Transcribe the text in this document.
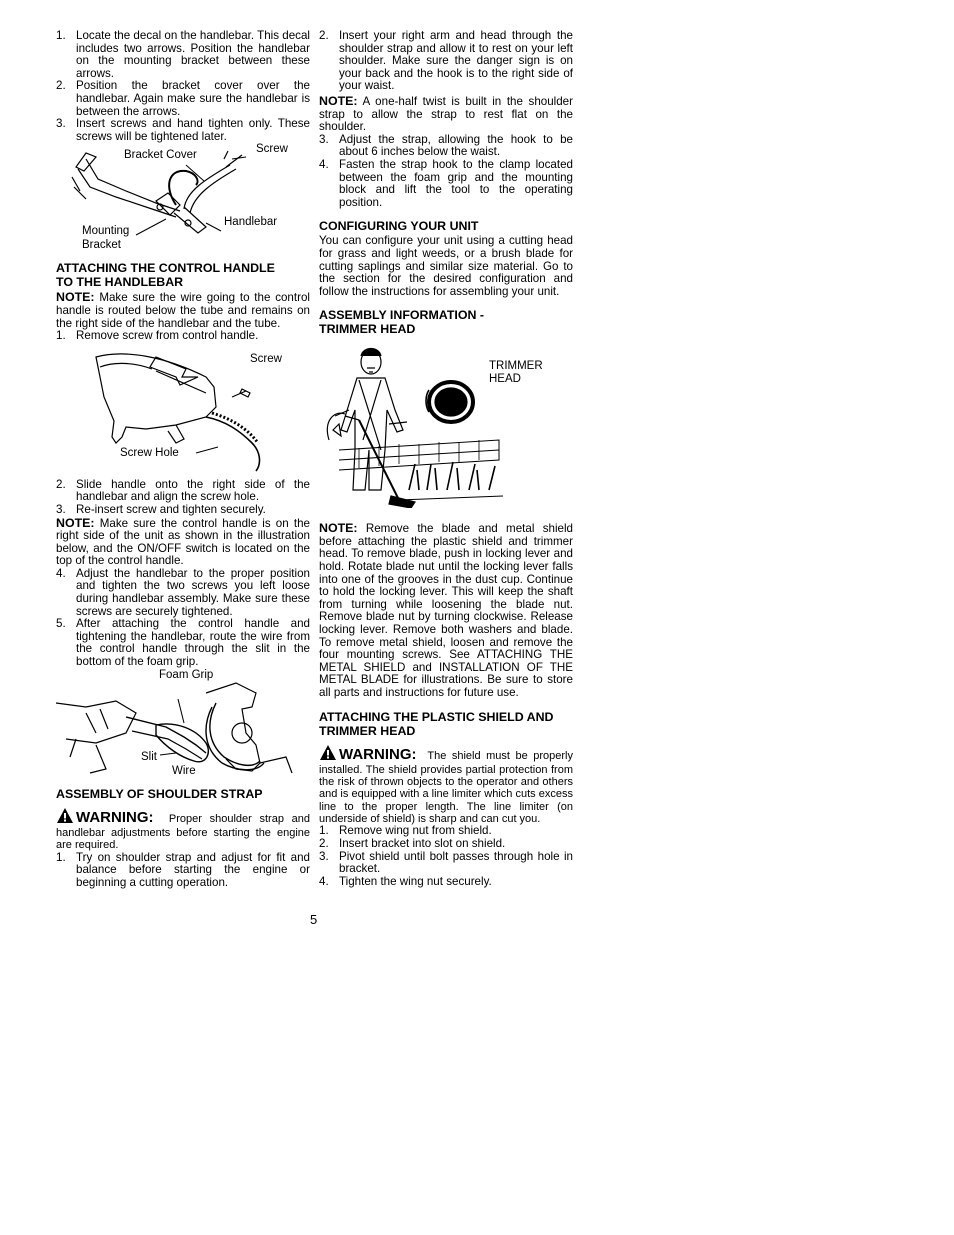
1. Locate the decal on the handlebar. This decal includes two arrows. Position the handlebar on the mounting bracket between these arrows.
2. Position the bracket cover over the handlebar. Again make sure the handlebar is between the arrows.
3. Insert screws and hand tighten only. These screws will be tightened later.
Bracket Cover	Screw
Handlebar
Mounting
Bracket
ATTACHING THE CONTROL HANDLE TO THE HANDLEBAR

NOTE: Make sure the wire going to the control handle is routed below the tube and remains on the right side of the handlebar and the tube.

1. Remove screw from control handle.
Screw
Screw Hole
2. Slide handle onto the right side of the handlebar and align the screw hole.
3. Re-insert screw and tighten securely.

NOTE: Make sure the control handle is on the right side of the unit as shown in the illustration below, and the ON/OFF switch is located on the top of the control handle.

4. Adjust the handlebar to the proper position and tighten the two screws you left loose during handlebar assembly. Make sure these screws are securely tightened.
5. After attaching the control handle and tightening the handlebar, route the wire from the control handle through the slit in the bottom of the foam grip.
Foam Grip
Slit
Wire
ASSEMBLY OF SHOULDER STRAP

WARNING: Proper shoulder strap and handlebar adjustments before starting the engine are required.

1. Try on shoulder strap and adjust for fit and balance before starting the engine or beginning a cutting operation.
2. Insert your right arm and head through the shoulder strap and allow it to rest on your left shoulder. Make sure the danger sign is on your back and the hook is to the right side of your waist.

NOTE: A one-half twist is built in the shoulder strap to allow the strap to rest flat on the shoulder.

3. Adjust the strap, allowing the hook to be about 6 inches below the waist.
4. Fasten the strap hook to the clamp located between the foam grip and the mounting block and lift the tool to the operating position.
CONFIGURING YOUR UNIT

You can configure your unit using a cutting head for grass and light weeds, or a brush blade for cutting saplings and similar size material. Go to the section for the desired configuration and follow the instructions for assembling your unit.

ASSEMBLY INFORMATION - TRIMMER HEAD
TRIMMER
HEAD

NOTE: Remove the blade and metal shield before attaching the plastic shield and trimmer head. To remove blade, push in locking lever and hold. Rotate blade nut until the locking lever falls into one of the grooves in the dust cup. Continue to hold the locking lever. This will keep the shaft from turning while loosening the blade nut. Remove blade nut by turning clockwise. Release locking lever. Remove both washers and blade. To remove metal shield, loosen and remove the four mounting screws. See ATTACHING THE METAL SHIELD and INSTALLATION OF THE METAL BLADE for illustrations. Be sure to store all parts and instructions for future use.

ATTACHING THE PLASTIC SHIELD AND TRIMMER HEAD

WARNING: The shield must be properly installed. The shield provides partial protection from the risk of thrown objects to the operator and others and is equipped with a line limiter which cuts excess line to the proper length. The line limiter (on underside of shield) is sharp and can cut you.

1. Remove wing nut from shield.
2. Insert bracket into slot on shield.
3. Pivot shield until bolt passes through hole in bracket.
4. Tighten the wing nut securely.
5
